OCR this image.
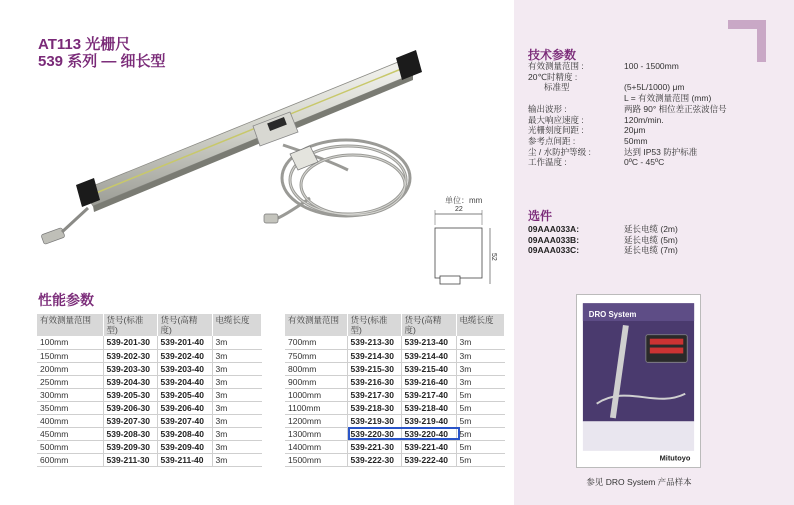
AT113 光栅尺
539 系列 — 细长型
单位：mm
22
52
性能参数
有效测量范围	货号(标准型)	货号(高精度)	电缆长度
100mm	539-201-30	539-201-40	3m
150mm	539-202-30	539-202-40	3m
200mm	539-203-30	539-203-40	3m
250mm	539-204-30	539-204-40	3m
300mm	539-205-30	539-205-40	3m
350mm	539-206-30	539-206-40	3m
400mm	539-207-30	539-207-40	3m
450mm	539-208-30	539-208-40	3m
500mm	539-209-30	539-209-40	3m
600mm	539-211-30	539-211-40	3m
有效测量范围	货号(标准型)	货号(高精度)	电缆长度
700mm	539-213-30	539-213-40	3m
750mm	539-214-30	539-214-40	3m
800mm	539-215-30	539-215-40	3m
900mm	539-216-30	539-216-40	3m
1000mm	539-217-30	539-217-40	5m
1100mm	539-218-30	539-218-40	5m
1200mm	539-219-30	539-219-40	5m
1300mm	539-220-30	539-220-40	5m
1400mm	539-221-30	539-221-40	5m
1500mm	539-222-30	539-222-40	5m
技术参数
有效测量范围 :	100 - 1500mm
20℃时精度 :
标准型	(5+5L/1000) μm
L = 有效测量范围 (mm)
输出波形 :	两路 90° 相位差正弦波信号
最大响应速度 :	120m/min.
光栅刻度间距 :	20μm
参考点间距 :	50mm
尘 / 水防护等级 :	达到 IP53 防护标准
工作温度 :	0ºC - 45ºC
选件
09AAA033A:	延长电缆 (2m)
09AAA033B:	延长电缆 (5m)
09AAA033C:	延长电缆 (7m)
DRO System
Mitutoyo
参见 DRO System 产品样本
